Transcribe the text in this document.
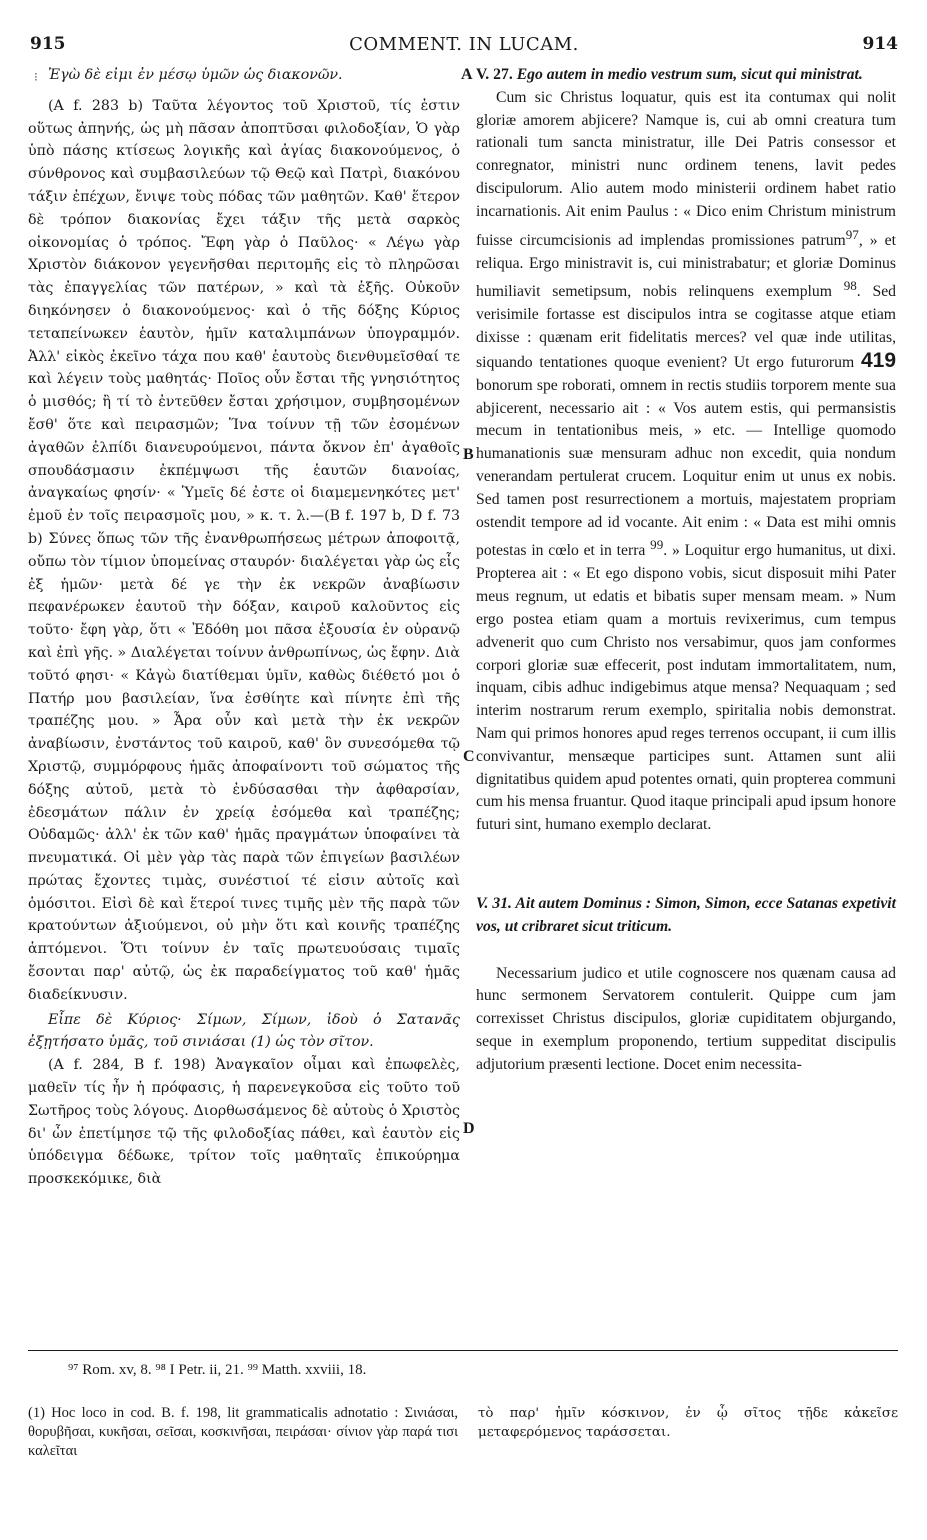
915	COMMENT. IN LUCAM.	914
⁝ Ἐγὼ δὲ εἰμι ἐν μέσῳ ὑμῶν ὡς διακονῶν.

(A f. 283 b) Ταῦτα λέγοντος τοῦ Χριστοῦ, τίς ἐστιν οὕτως ἀπηνής, ὡς μὴ πᾶσαν ἀποπτῦσαι φιλοδοξίαν, Ὁ γὰρ ὑπὸ πάσης κτίσεως λογικῆς καὶ ἁγίας διακονούμενος, ὁ σύνθρονος καὶ συμβασιλεύων τῷ Θεῷ καὶ Πατρὶ, διακόνου τάξιν ἐπέχων, ἔνιψε τοὺς πόδας τῶν μαθητῶν. Καθ' ἕτερον δὲ τρόπον διακονίας ἔχει τάξιν τῆς μετὰ σαρκὸς οἰκονομίας ὁ τρόπος. Ἔφη γὰρ ὁ Παῦλος· « Λέγω γὰρ Χριστὸν διάκονον γεγενῆσθαι περιτομῆς εἰς τὸ πληρῶσαι τὰς ἐπαγγελίας τῶν πατέρων, » καὶ τὰ ἑξῆς. Οὐκοῦν διηκόνησεν ὁ διακονούμενος· καὶ ὁ τῆς δόξης Κύριος τεταπείνωκεν ἑαυτὸν, ἡμῖν καταλιμπάνων ὑπογραμμόν. Ἀλλ' εἰκὸς ἐκεῖνο τάχα που καθ' ἑαυτοὺς διενθυμεῖσθαί τε καὶ λέγειν τοὺς μαθητάς· Ποῖος οὖν ἔσται τῆς γνησιότητος ὁ μισθός; ἢ τί τὸ ἐντεῦθεν ἔσται χρήσιμον, συμβησομένων ἔσθ' ὅτε καὶ πειρασμῶν; Ἵνα τοίνυν τῇ τῶν ἐσομένων ἀγαθῶν ἐλπίδι διανευρούμενοι, πάντα ὄκνον ἐπ' ἀγαθοῖς σπουδάσμασιν ἐκπέμψωσι τῆς ἑαυτῶν διανοίας, ἀναγκαίως φησίν· « Ὑμεῖς δέ ἐστε οἱ διαμεμενηκότες μετ' ἐμοῦ ἐν τοῖς πειρασμοῖς μου, » κ. τ. λ.—(B f. 197 b, D f. 73 b) Σύνες ὅπως τῶν τῆς ἐνανθρωπήσεως μέτρων ἀποφοιτᾷ, οὔπω τὸν τίμιον ὑπομείνας σταυρόν· διαλέγεται γὰρ ὡς εἷς ἐξ ἡμῶν· μετὰ δέ γε τὴν ἐκ νεκρῶν ἀναβίωσιν πεφανέρωκεν ἑαυτοῦ τὴν δόξαν, καιροῦ καλοῦντος εἰς τοῦτο· ἔφη γὰρ, ὅτι « Ἐδόθη μοι πᾶσα ἐξουσία ἐν οὐρανῷ καὶ ἐπὶ γῆς. » Διαλέγεται τοίνυν ἀνθρωπίνως, ὡς ἔφην. Διὰ τοῦτό φησι· « Κἀγὼ διατίθεμαι ὑμῖν, καθὼς διέθετό μοι ὁ Πατήρ μου βασιλείαν, ἵνα ἐσθίητε καὶ πίνητε ἐπὶ τῆς τραπέζης μου. » Ἆρα οὖν καὶ μετὰ τὴν ἐκ νεκρῶν ἀναβίωσιν, ἐνστάντος τοῦ καιροῦ, καθ' ὃν συνεσόμεθα τῷ Χριστῷ, συμμόρφους ἡμᾶς ἀποφαίνοντι τοῦ σώματος τῆς δόξης αὐτοῦ, μετὰ τὸ ἐνδύσασθαι τὴν ἀφθαρσίαν, ἐδεσμάτων πάλιν ἐν χρείᾳ ἐσόμεθα καὶ τραπέζης; Οὐδαμῶς· ἀλλ' ἐκ τῶν καθ' ἡμᾶς πραγμάτων ὑποφαίνει τὰ πνευματικά. Οἱ μὲν γὰρ τὰς παρὰ τῶν ἐπιγείων βασιλέων πρώτας ἔχοντες τιμὰς, συνέστιοί τέ εἰσιν αὐτοῖς καὶ ὁμόσιτοι. Εἰσὶ δὲ καὶ ἕτεροί τινες τιμῆς μὲν τῆς παρὰ τῶν κρατούντων ἀξιούμενοι, οὐ μὴν ὅτι καὶ κοινῆς τραπέζης ἁπτόμενοι. Ὅτι τοίνυν ἐν ταῖς πρωτευούσαις τιμαῖς ἔσονται παρ' αὐτῷ, ὡς ἐκ παραδείγματος τοῦ καθ' ἡμᾶς διαδείκνυσιν.

Εἶπε δὲ Κύριος· Σίμων, Σίμων, ἰδοὺ ὁ Σατανᾶς ἐξῃτήσατο ὑμᾶς, τοῦ σινιάσαι (1) ὡς τὸν σῖτον.

(A f. 284, B f. 198) Ἀναγκαῖον οἶμαι καὶ ἐπωφελὲς, μαθεῖν τίς ἦν ἡ πρόφασις, ἡ παρενεγκοῦσα εἰς τοῦτο τοῦ Σωτῆρος τοὺς λόγους. Διορθωσάμενος δὲ αὐτοὺς ὁ Χριστὸς δι' ὧν ἐπετίμησε τῷ τῆς φιλοδοξίας πάθει, καὶ ἑαυτὸν εἰς ὑπόδειγμα δέδωκε, τρίτον τοῖς μαθηταῖς ἐπικούρημα προσκεκόμικε, διὰ

A
B
C
D

V. 27. Ego autem in medio vestrum sum, sicut qui ministrat.

Cum sic Christus loquatur, quis est ita contumax qui nolit gloriæ amorem abjicere? Namque is, cui ab omni creatura tum rationali tum sancta ministratur, ille Dei Patris consessor et conregnator, ministri nunc ordinem tenens, lavit pedes discipulorum. Alio autem modo ministerii ordinem habet ratio incarnationis. Ait enim Paulus : « Dico enim Christum ministrum fuisse circumcisionis ad implendas promissiones patrum$^{97}$, » et reliqua. Ergo ministravit is, cui ministrabatur; et gloriæ Dominus humiliavit semetipsum, nobis relinquens exemplum $^{98}$. Sed verisimile fortasse est discipulos intra se cogitasse atque etiam dixisse : quænam erit fidelitatis merces? vel quæ inde utilitas, siquando tentationes quoque evenient? Ut ergo futurorum 419 bonorum spe roborati, omnem in rectis studiis torporem mente sua abjicerent, necessario ait : « Vos autem estis, qui permansistis mecum in tentationibus meis, » etc. — Intellige quomodo humanationis suæ mensuram adhuc non excedit, quia nondum venerandam pertulerat crucem. Loquitur enim ut unus ex nobis. Sed tamen post resurrectionem a mortuis, majestatem propriam ostendit tempore ad id vocante. Ait enim : « Data est mihi omnis potestas in cœlo et in terra $^{99}$. » Loquitur ergo humanitus, ut dixi. Propterea ait : « Et ego dispono vobis, sicut disposuit mihi Pater meus regnum, ut edatis et bibatis super mensam meam. » Num ergo postea etiam quam a mortuis revixerimus, cum tempus advenerit quo cum Christo nos versabimur, quos jam conformes corpori gloriæ suæ effecerit, post indutam immortalitatem, num, inquam, cibis adhuc indigebimus atque mensa? Nequaquam ; sed interim nostrarum rerum exemplo, spiritalia nobis demonstrat. Nam qui primos honores apud reges terrenos occupant, ii cum illis convivantur, mensæque participes sunt. Attamen sunt alii dignitatibus quidem apud potentes ornati, quin propterea communi cum his mensa fruantur. Quod itaque principali apud ipsum honore futuri sint, humano exemplo declarat.

V. 31. Ait autem Dominus : Simon, Simon, ecce Satanas expetivit vos, ut cribraret sicut triticum.

Necessarium judico et utile cognoscere nos quænam causa ad hunc sermonem Servatorem contulerit. Quippe cum jam correxisset Christus discipulos, gloriæ cupiditatem objurgando, seque in exemplum proponendo, tertium suppeditat discipulis adjutorium præsenti lectione. Docet enim necessita-

⁹⁷ Rom. xv, 8. ⁹⁸ I Petr. ii, 21. ⁹⁹ Matth. xxviii, 18.

(1) Hoc loco in cod. B. f. 198, lit grammaticalis adnotatio : Σινιάσαι, θορυβῆσαι, κυκῆσαι, σεῖσαι, κοσκινῆσαι, πειράσαι· σίνιον γὰρ παρά τισι καλεῖται

τὸ παρ' ἡμῖν κόσκινον, ἐν ᾧ σῖτος τῇδε κἀκεῖσε μεταφερόμενος ταράσσεται.
